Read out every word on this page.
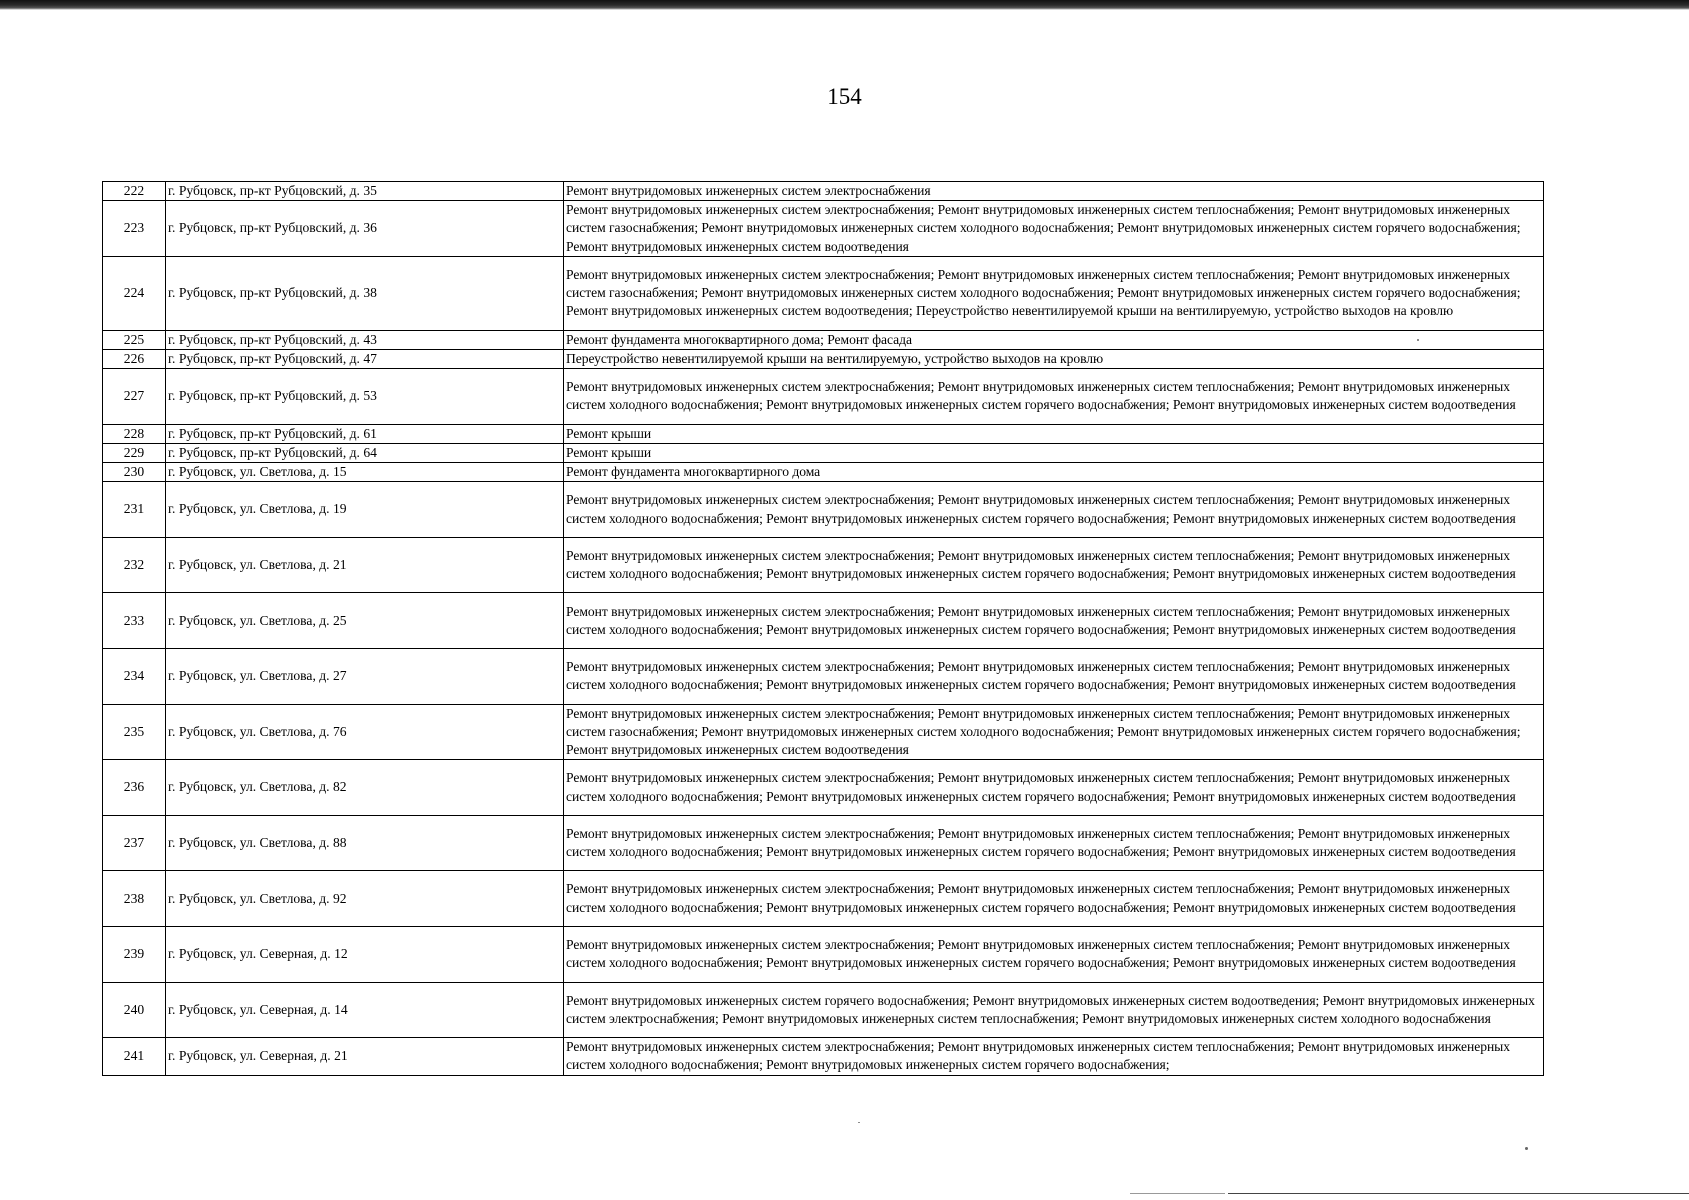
154
222	г. Рубцовск, пр-кт Рубцовский, д. 35	Ремонт внутридомовых инженерных систем электроснабжения
223	г. Рубцовск, пр-кт Рубцовский, д. 36	Ремонт внутридомовых инженерных систем электроснабжения; Ремонт внутридомовых инженерных систем теплоснабжения; Ремонт внутридомовых инженерных систем газоснабжения; Ремонт внутридомовых инженерных систем холодного водоснабжения; Ремонт внутридомовых инженерных систем горячего водоснабжения; Ремонт внутридомовых инженерных систем водоотведения
224	г. Рубцовск, пр-кт Рубцовский, д. 38	Ремонт внутридомовых инженерных систем электроснабжения; Ремонт внутридомовых инженерных систем теплоснабжения; Ремонт внутридомовых инженерных систем газоснабжения; Ремонт внутридомовых инженерных систем холодного водоснабжения; Ремонт внутридомовых инженерных систем горячего водоснабжения; Ремонт внутридомовых инженерных систем водоотведения; Переустройство невентилируемой крыши на вентилируемую, устройство выходов на кровлю
225	г. Рубцовск, пр-кт Рубцовский, д. 43	Ремонт фундамента многоквартирного дома; Ремонт фасада
226	г. Рубцовск, пр-кт Рубцовский, д. 47	Переустройство невентилируемой крыши на вентилируемую, устройство выходов на кровлю
227	г. Рубцовск, пр-кт Рубцовский, д. 53	Ремонт внутридомовых инженерных систем электроснабжения; Ремонт внутридомовых инженерных систем теплоснабжения; Ремонт внутридомовых инженерных систем холодного водоснабжения; Ремонт внутридомовых инженерных систем горячего водоснабжения; Ремонт внутридомовых инженерных систем водоотведения
228	г. Рубцовск, пр-кт Рубцовский, д. 61	Ремонт крыши
229	г. Рубцовск, пр-кт Рубцовский, д. 64	Ремонт крыши
230	г. Рубцовск, ул. Светлова, д. 15	Ремонт фундамента многоквартирного дома
231	г. Рубцовск, ул. Светлова, д. 19	Ремонт внутридомовых инженерных систем электроснабжения; Ремонт внутридомовых инженерных систем теплоснабжения; Ремонт внутридомовых инженерных систем холодного водоснабжения; Ремонт внутридомовых инженерных систем горячего водоснабжения; Ремонт внутридомовых инженерных систем водоотведения
232	г. Рубцовск, ул. Светлова, д. 21	Ремонт внутридомовых инженерных систем электроснабжения; Ремонт внутридомовых инженерных систем теплоснабжения; Ремонт внутридомовых инженерных систем холодного водоснабжения; Ремонт внутридомовых инженерных систем горячего водоснабжения; Ремонт внутридомовых инженерных систем водоотведения
233	г. Рубцовск, ул. Светлова, д. 25	Ремонт внутридомовых инженерных систем электроснабжения; Ремонт внутридомовых инженерных систем теплоснабжения; Ремонт внутридомовых инженерных систем холодного водоснабжения; Ремонт внутридомовых инженерных систем горячего водоснабжения; Ремонт внутридомовых инженерных систем водоотведения
234	г. Рубцовск, ул. Светлова, д. 27	Ремонт внутридомовых инженерных систем электроснабжения; Ремонт внутридомовых инженерных систем теплоснабжения; Ремонт внутридомовых инженерных систем холодного водоснабжения; Ремонт внутридомовых инженерных систем горячего водоснабжения; Ремонт внутридомовых инженерных систем водоотведения
235	г. Рубцовск, ул. Светлова, д. 76	Ремонт внутридомовых инженерных систем электроснабжения; Ремонт внутридомовых инженерных систем теплоснабжения; Ремонт внутридомовых инженерных систем газоснабжения; Ремонт внутридомовых инженерных систем холодного водоснабжения; Ремонт внутридомовых инженерных систем горячего водоснабжения; Ремонт внутридомовых инженерных систем водоотведения
236	г. Рубцовск, ул. Светлова, д. 82	Ремонт внутридомовых инженерных систем электроснабжения; Ремонт внутридомовых инженерных систем теплоснабжения; Ремонт внутридомовых инженерных систем холодного водоснабжения; Ремонт внутридомовых инженерных систем горячего водоснабжения; Ремонт внутридомовых инженерных систем водоотведения
237	г. Рубцовск, ул. Светлова, д. 88	Ремонт внутридомовых инженерных систем электроснабжения; Ремонт внутридомовых инженерных систем теплоснабжения; Ремонт внутридомовых инженерных систем холодного водоснабжения; Ремонт внутридомовых инженерных систем горячего водоснабжения; Ремонт внутридомовых инженерных систем водоотведения
238	г. Рубцовск, ул. Светлова, д. 92	Ремонт внутридомовых инженерных систем электроснабжения; Ремонт внутридомовых инженерных систем теплоснабжения; Ремонт внутридомовых инженерных систем холодного водоснабжения; Ремонт внутридомовых инженерных систем горячего водоснабжения; Ремонт внутридомовых инженерных систем водоотведения
239	г. Рубцовск, ул. Северная, д. 12	Ремонт внутридомовых инженерных систем электроснабжения; Ремонт внутридомовых инженерных систем теплоснабжения; Ремонт внутридомовых инженерных систем холодного водоснабжения; Ремонт внутридомовых инженерных систем горячего водоснабжения; Ремонт внутридомовых инженерных систем водоотведения
240	г. Рубцовск, ул. Северная, д. 14	Ремонт внутридомовых инженерных систем горячего водоснабжения; Ремонт внутридомовых инженерных систем водоотведения; Ремонт внутридомовых инженерных систем электроснабжения; Ремонт внутридомовых инженерных систем теплоснабжения; Ремонт внутридомовых инженерных систем холодного водоснабжения
241	г. Рубцовск, ул. Северная, д. 21	Ремонт внутридомовых инженерных систем электроснабжения; Ремонт внутридомовых инженерных систем теплоснабжения; Ремонт внутридомовых инженерных систем холодного водоснабжения; Ремонт внутридомовых инженерных систем горячего водоснабжения;
